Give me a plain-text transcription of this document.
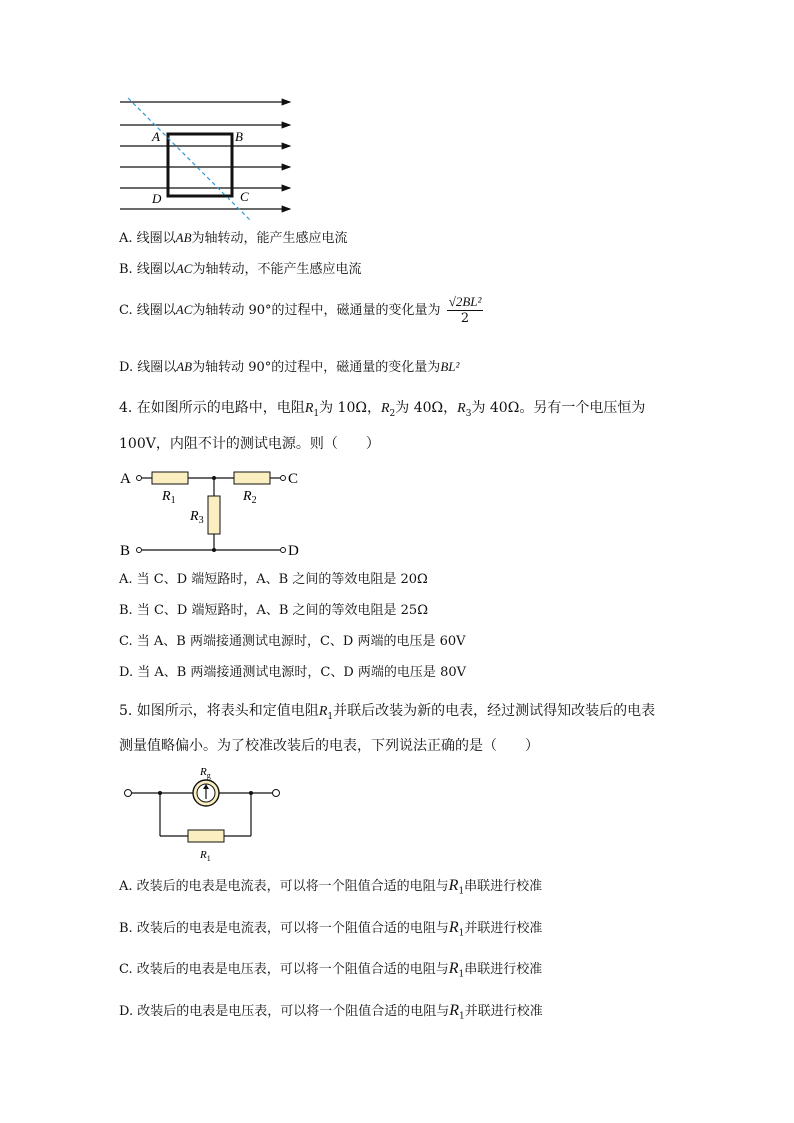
A	B
C
D
A. 线圈以AB为轴转动，能产生感应电流
B. 线圈以AC为轴转动，不能产生感应电流
C. 线圈以AC为轴转动 90°的过程中，磁通量的变化量为 $\frac{\text{√2BL²}}{2}$
D. 线圈以AB为轴转动 90°的过程中，磁通量的变化量为BL²
4. 在如图所示的电路中，电阻$R_1$为 10Ω，$R_2$为 40Ω，$R_3$为 40Ω。另有一个电压恒为
100V，内阻不计的测试电源。则（　　）
A	C
B	D
$R_1$	$R_2$
$R_3$
A. 当 C、D 端短路时，A、B 之间的等效电阻是 20Ω
B. 当 C、D 端短路时，A、B 之间的等效电阻是 25Ω
C. 当 A、B 两端接通测试电源时，C、D 两端的电压是 60V
D. 当 A、B 两端接通测试电源时，C、D 两端的电压是 80V
5. 如图所示，将表头和定值电阻$R_1$并联后改装为新的电表，经过测试得知改装后的电表
测量值略偏小。为了校准改装后的电表，下列说法正确的是（　　）
$R_g$
$R_1$
A. 改装后的电表是电流表，可以将一个阻值合适的电阻与$R_1$串联进行校准
B. 改装后的电表是电流表，可以将一个阻值合适的电阻与$R_1$并联进行校准
C. 改装后的电表是电压表，可以将一个阻值合适的电阻与$R_1$串联进行校准
D. 改装后的电表是电压表，可以将一个阻值合适的电阻与$R_1$并联进行校准
